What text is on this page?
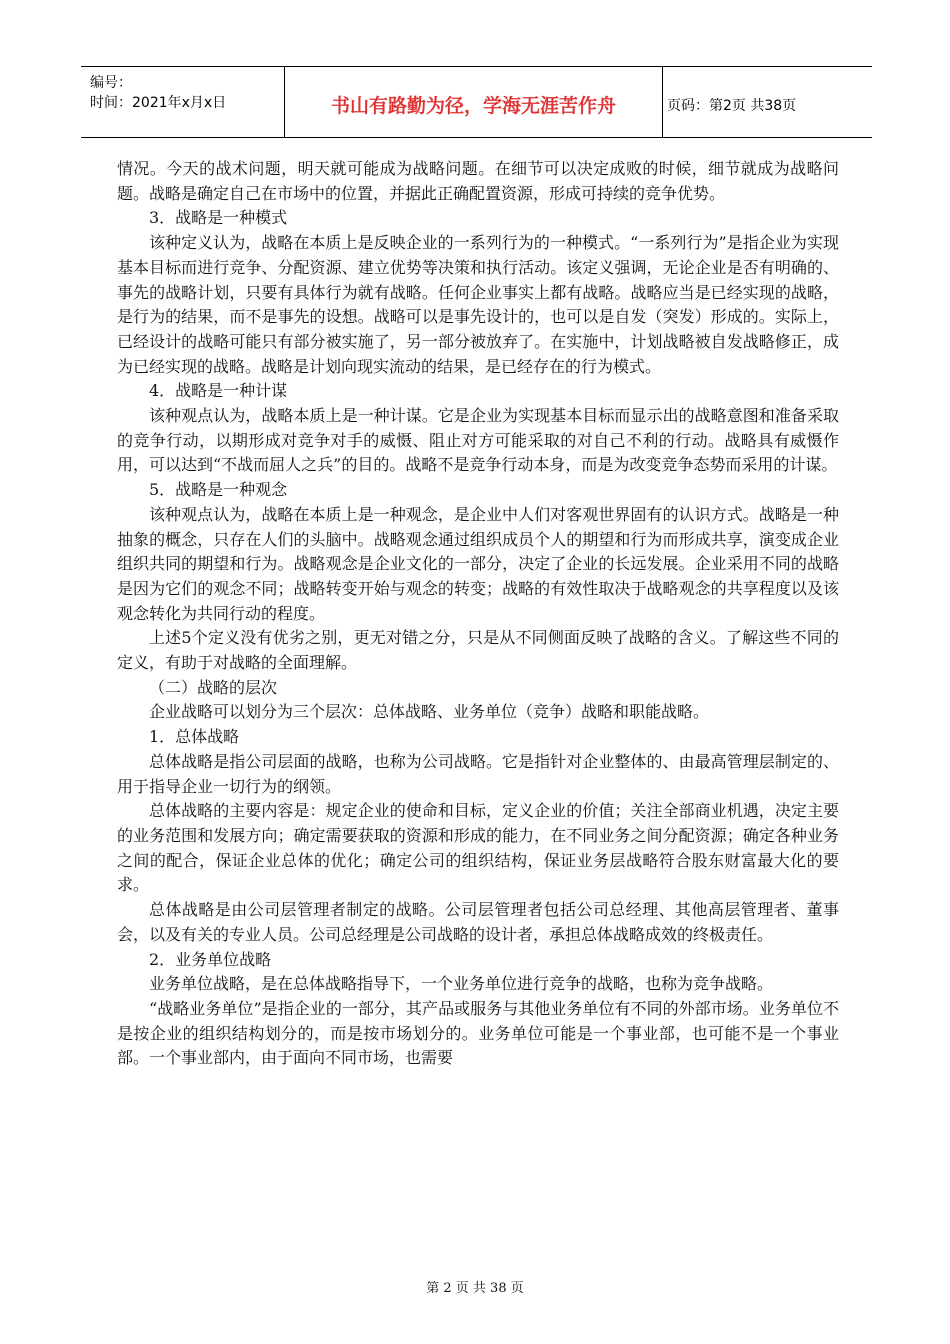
编号：
时间：2021年x月x日	书山有路勤为径，学海无涯苦作舟	页码：第2页 共38页

情况。今天的战术问题，明天就可能成为战略问题。在细节可以决定成败的时候，细节就成为战略问题。战略是确定自己在市场中的位置，并据此正确配置资源，形成可持续的竞争优势。

3．战略是一种模式

该种定义认为，战略在本质上是反映企业的一系列行为的一种模式。“一系列行为”是指企业为实现基本目标而进行竞争、分配资源、建立优势等决策和执行活动。该定义强调，无论企业是否有明确的、事先的战略计划，只要有具体行为就有战略。任何企业事实上都有战略。战略应当是已经实现的战略，是行为的结果，而不是事先的设想。战略可以是事先设计的，也可以是自发（突发）形成的。实际上，已经设计的战略可能只有部分被实施了，另一部分被放弃了。在实施中，计划战略被自发战略修正，成为已经实现的战略。战略是计划向现实流动的结果，是已经存在的行为模式。

4．战略是一种计谋

该种观点认为，战略本质上是一种计谋。它是企业为实现基本目标而显示出的战略意图和准备采取的竞争行动，以期形成对竞争对手的威慑、阻止对方可能采取的对自己不利的行动。战略具有威慑作用，可以达到“不战而屈人之兵”的目的。战略不是竞争行动本身，而是为改变竞争态势而采用的计谋。

5．战略是一种观念

该种观点认为，战略在本质上是一种观念，是企业中人们对客观世界固有的认识方式。战略是一种抽象的概念，只存在人们的头脑中。战略观念通过组织成员个人的期望和行为而形成共享，演变成企业组织共同的期望和行为。战略观念是企业文化的一部分，决定了企业的长远发展。企业采用不同的战略是因为它们的观念不同；战略转变开始与观念的转变；战略的有效性取决于战略观念的共享程度以及该观念转化为共同行动的程度。

上述5个定义没有优劣之别，更无对错之分，只是从不同侧面反映了战略的含义。了解这些不同的定义，有助于对战略的全面理解。

（二）战略的层次

企业战略可以划分为三个层次：总体战略、业务单位（竞争）战略和职能战略。

1．总体战略

总体战略是指公司层面的战略，也称为公司战略。它是指针对企业整体的、由最高管理层制定的、用于指导企业一切行为的纲领。

总体战略的主要内容是：规定企业的使命和目标，定义企业的价值；关注全部商业机遇，决定主要的业务范围和发展方向；确定需要获取的资源和形成的能力，在不同业务之间分配资源；确定各种业务之间的配合，保证企业总体的优化；确定公司的组织结构，保证业务层战略符合股东财富最大化的要求。

总体战略是由公司层管理者制定的战略。公司层管理者包括公司总经理、其他高层管理者、董事会，以及有关的专业人员。公司总经理是公司战略的设计者，承担总体战略成效的终极责任。

2．业务单位战略

业务单位战略，是在总体战略指导下，一个业务单位进行竞争的战略，也称为竞争战略。

“战略业务单位”是指企业的一部分，其产品或服务与其他业务单位有不同的外部市场。业务单位不是按企业的组织结构划分的，而是按市场划分的。业务单位可能是一个事业部，也可能不是一个事业部。一个事业部内，由于面向不同市场，也需要

第 2 页 共 38 页
